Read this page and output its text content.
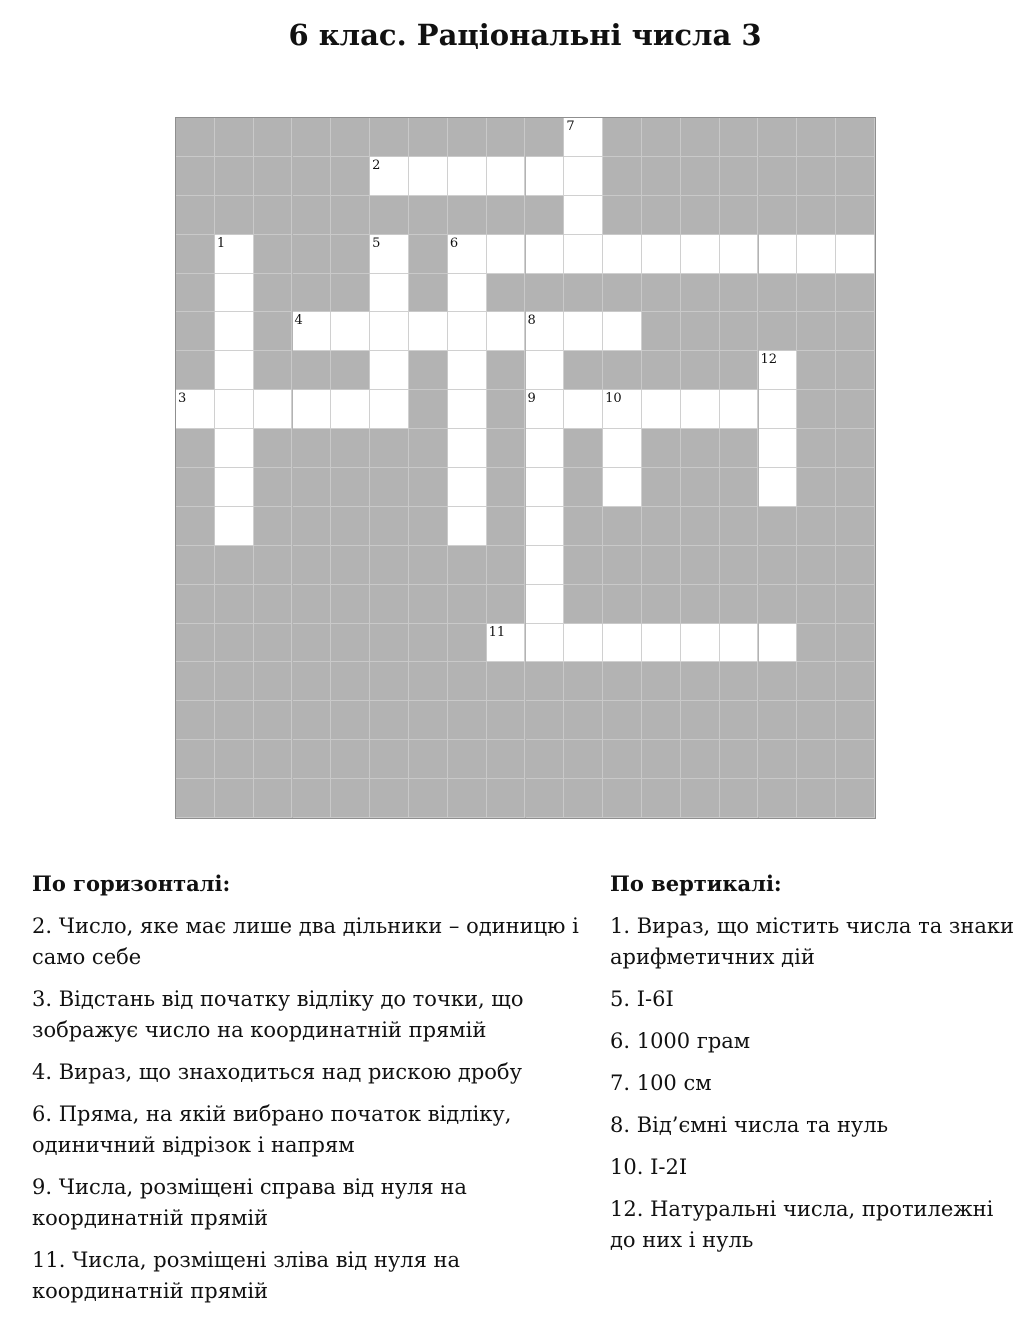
6 клас. Раціональні числа 3
7
2
1	5	6
4	8
12
3	9	10
11
По горизонталі:
2. Число, яке має лише два дільники – одиницю і само себе
3. Відстань від початку відліку до точки, що зображує число на координатній прямій
4. Вираз, що знаходиться над рискою дробу
6. Пряма, на якій вибрано початок відліку, одиничний відрізок і напрям
9. Числа, розміщені справа від нуля на координатній прямій
11. Числа, розміщені зліва від нуля на координатній прямій
По вертикалі:
1. Вираз, що містить числа та знаки арифметичних дій
5. І-6І
6. 1000 грам
7. 100 см
8. Від’ємні числа та нуль
10. І-2І
12. Натуральні числа, протилежні до них і нуль
